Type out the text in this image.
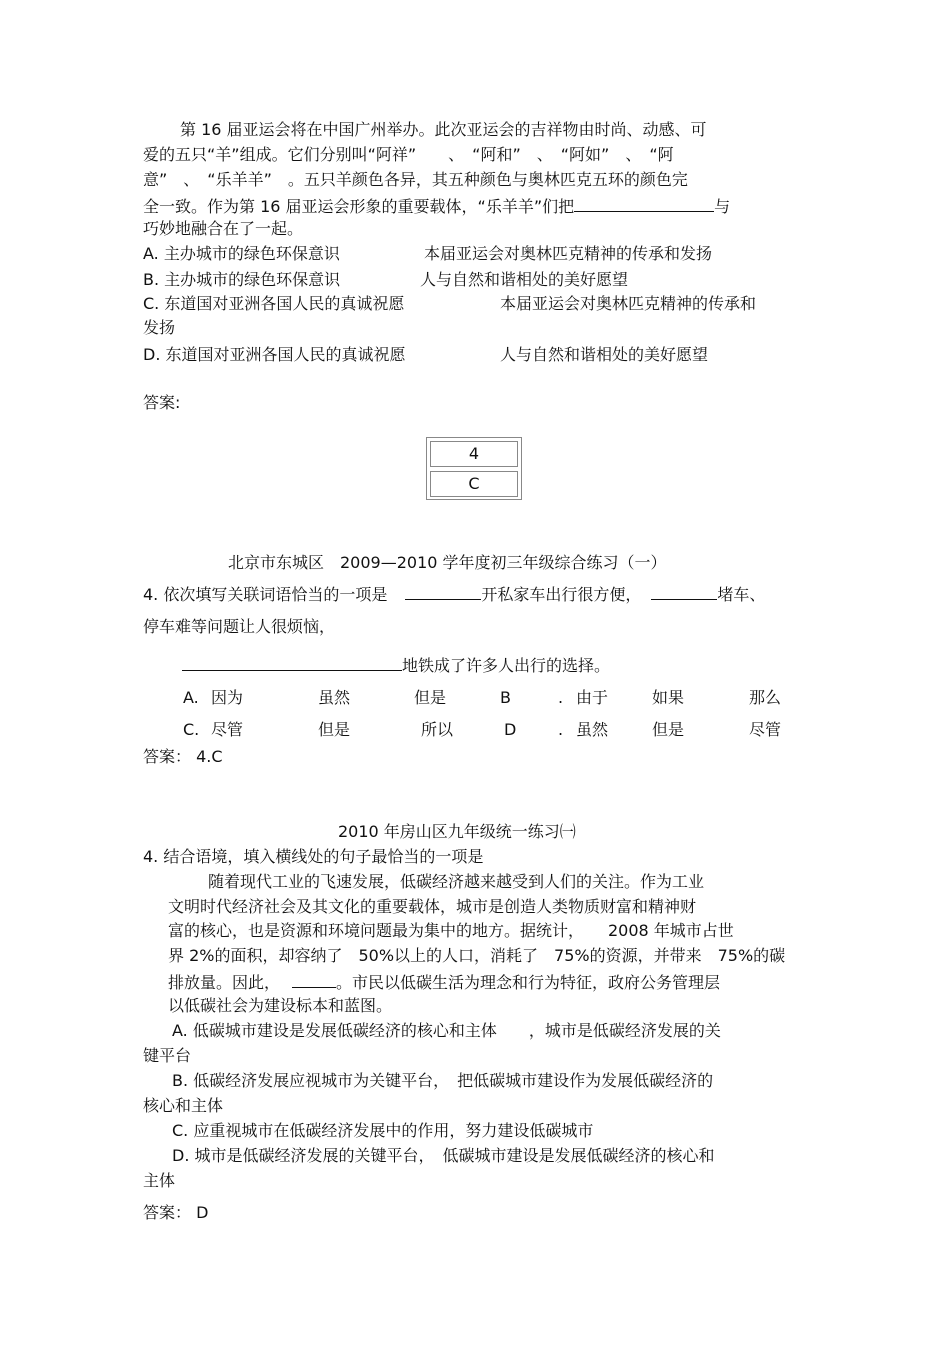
第 16 届亚运会将在中国广州举办。此次亚运会的吉祥物由时尚、动感、可
爱的五只“羊”组成。它们分别叫“阿祥”　　、　“阿和”　、　“阿如”　、　“阿
意”　、　“乐羊羊”　。五只羊颜色各异，其五种颜色与奥林匹克五环的颜色完
全一致。作为第 16 届亚运会形象的重要载体，“乐羊羊”们把	与
巧妙地融合在了一起。
A. 主办城市的绿色环保意识	本届亚运会对奥林匹克精神的传承和发扬
B. 主办城市的绿色环保意识	人与自然和谐相处的美好愿望
C. 东道国对亚洲各国人民的真诚祝愿	本届亚运会对奥林匹克精神的传承和
发扬
D. 东道国对亚洲各国人民的真诚祝愿	人与自然和谐相处的美好愿望
答案:
4
C
北京市东城区　2009—2010 学年度初三年级综合练习（一）
4. 依次填写关联词语恰当的一项是	开私家车出行很方便，	堵车、
停车难等问题让人很烦恼，
地铁成了许多人出行的选择。
A. 因为	虽然	但是	B	. 由于	如果	那么
C. 尽管	但是	所以	D	. 虽然	但是	尽管
答案： 4.C
2010 年房山区九年级统一练习㈠
4. 结合语境，填入横线处的句子最恰当的一项是
随着现代工业的飞速发展，低碳经济越来越受到人们的关注。作为工业
文明时代经济社会及其文化的重要载体，城市是创造人类物质财富和精神财
富的核心，也是资源和环境问题最为集中的地方。据统计，　　2008 年城市占世
界 2%的面积，却容纳了　50%以上的人口，消耗了　75%的资源，并带来　75%的碳
排放量。因此，	。市民以低碳生活为理念和行为特征，政府公务管理层
以低碳社会为建设标本和蓝图。
A. 低碳城市建设是发展低碳经济的核心和主体　　，城市是低碳经济发展的关
键平台
B. 低碳经济发展应视城市为关键平台，　把低碳城市建设作为发展低碳经济的
核心和主体
C. 应重视城市在低碳经济发展中的作用，努力建设低碳城市
D. 城市是低碳经济发展的关键平台，　低碳城市建设是发展低碳经济的核心和
主体
答案： D
